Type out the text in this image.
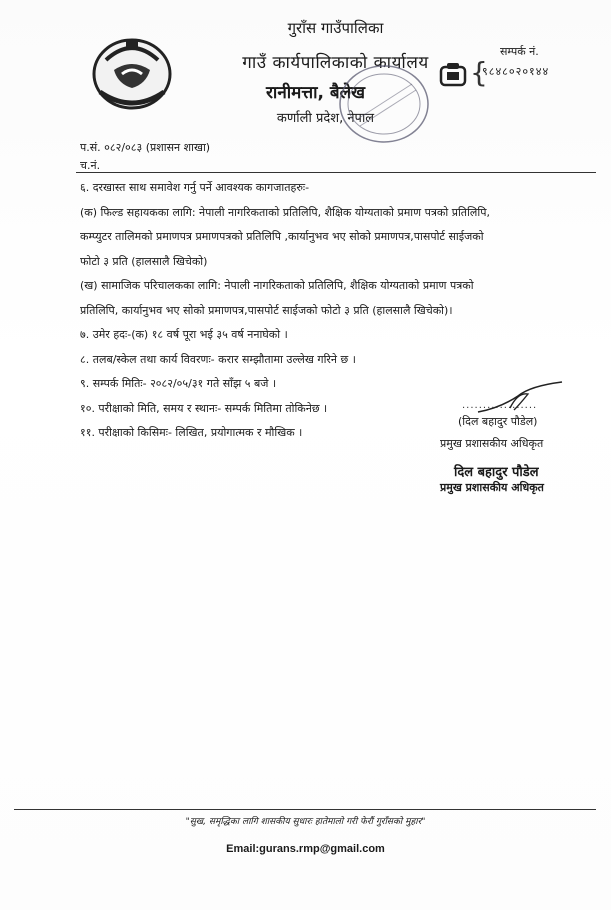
गुराँस गाउँपालिका
गाउँ कार्यपालिकाको कार्यालय
रानीमत्ता, बैलेख
कर्णाली प्रदेश, नेपाल
{
सम्पर्क नं.
९८४८०२०१४४
प.सं. ०८२/०८३ (प्रशासन शाखा)
च.नं.

६. दरखास्त साथ समावेश गर्नु पर्ने आवश्यक कागजातहरुः-

(क) फिल्ड सहायकका लागि: नेपाली नागरिकताको प्रतिलिपि, शैक्षिक योग्यताको प्रमाण पत्रको प्रतिलिपि,

कम्प्युटर तालिमको प्रमाणपत्र प्रमाणपत्रको प्रतिलिपि ,कार्यानुभव भए सोको प्रमाणपत्र,पासपोर्ट साईजको

फोटो ३ प्रति (हालसालै खिचेको)

(ख) सामाजिक परिचालकका लागि: नेपाली नागरिकताको प्रतिलिपि, शैक्षिक योग्यताको प्रमाण पत्रको

प्रतिलिपि, कार्यानुभव भए सोको प्रमाणपत्र,पासपोर्ट साईजको फोटो ३ प्रति (हालसालै खिचेको)।

७. उमेर हदः-(क) १८ वर्ष पूरा भई ३५ वर्ष ननाघेको ।

८. तलब/स्केल तथा कार्य विवरणः- करार सम्झौतामा उल्लेख गरिने छ ।

९. सम्पर्क मितिः- २०८२/०५/३१ गते साँझ ५ बजे ।

१०. परीक्षाको मिति, समय र स्थानः- सम्पर्क मितिमा तोकिनेछ ।

११. परीक्षाको किसिमः- लिखित, प्रयोगात्मक र मौखिक ।

..................
(दिल बहादुर पौडेल)
प्रमुख प्रशासकीय अधिकृत
दिल बहादुर पौडेल
प्रमुख प्रशासकीय अधिकृत
"सुख, समृद्धिका लागि शासकीय सुधारः हातेमालो गरी फेरौं गुराँसको मुहार"
Email:gurans.rmp@gmail.com
